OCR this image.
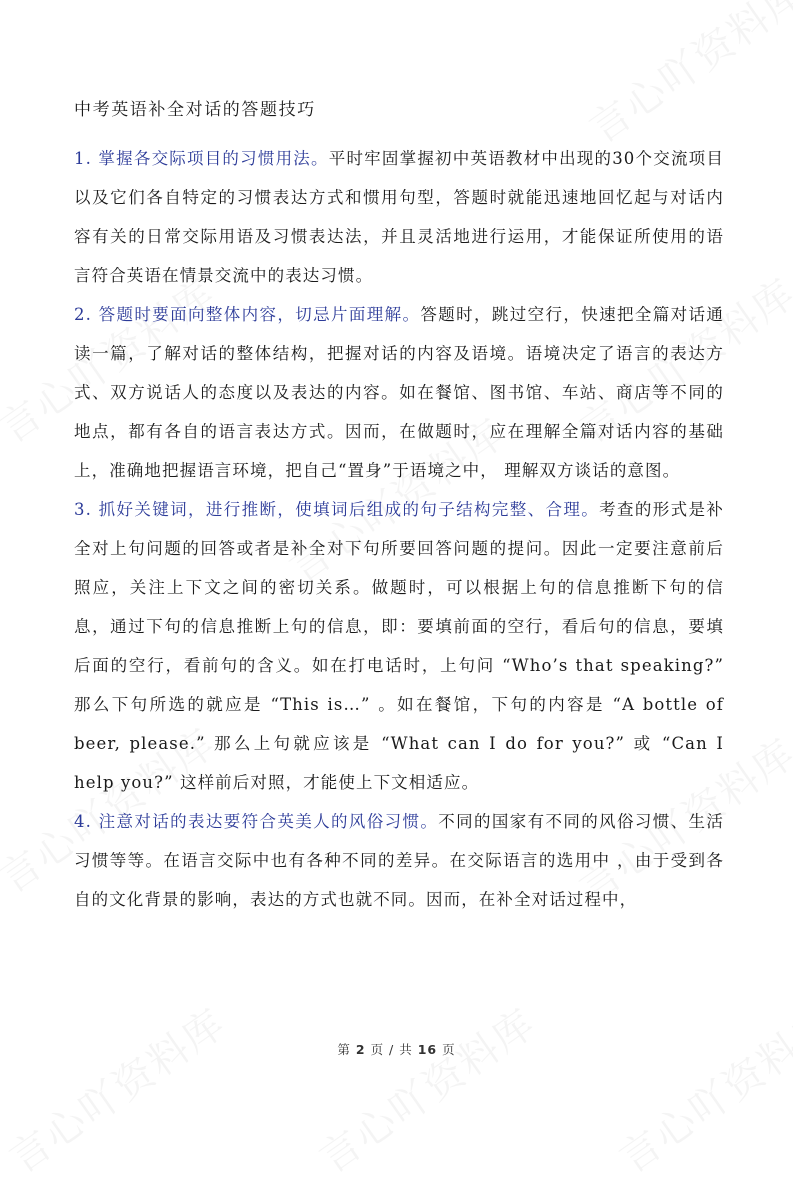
中考英语补全对话的答题技巧

1. 掌握各交际项目的习惯用法。平时牢固掌握初中英语教材中出现的30个交流项目以及它们各自特定的习惯表达方式和惯用句型，答题时就能迅速地回忆起与对话内容有关的日常交际用语及习惯表达法，并且灵活地进行运用，才能保证所使用的语言符合英语在情景交流中的表达习惯。

2. 答题时要面向整体内容，切忌片面理解。答题时，跳过空行，快速把全篇对话通读一篇，了解对话的整体结构，把握对话的内容及语境。语境决定了语言的表达方式、双方说话人的态度以及表达的内容。如在餐馆、图书馆、车站、商店等不同的地点，都有各自的语言表达方式。因而，在做题时，应在理解全篇对话内容的基础上，准确地把握语言环境，把自己“置身”于语境之中， 理解双方谈话的意图。

3. 抓好关键词，进行推断，使填词后组成的句子结构完整、合理。考查的形式是补全对上句问题的回答或者是补全对下句所要回答问题的提问。因此一定要注意前后照应，关注上下文之间的密切关系。做题时，可以根据上句的信息推断下句的信息，通过下句的信息推断上句的信息，即：要填前面的空行，看后句的信息，要填后面的空行，看前句的含义。如在打电话时，上句问 “Who’s that speaking?” 那么下句所选的就应是 “This is…” 。如在餐馆，下句的内容是 “A bottle of beer, please.” 那么上句就应该是 “What can I do for you?” 或 “Can I help you?” 这样前后对照，才能使上下文相适应。

4. 注意对话的表达要符合英美人的风俗习惯。不同的国家有不同的风俗习惯、生活习惯等等。在语言交际中也有各种不同的差异。在交际语言的选用中 ，由于受到各自的文化背景的影响，表达的方式也就不同。因而，在补全对话过程中，

第 2 页 / 共 16 页
